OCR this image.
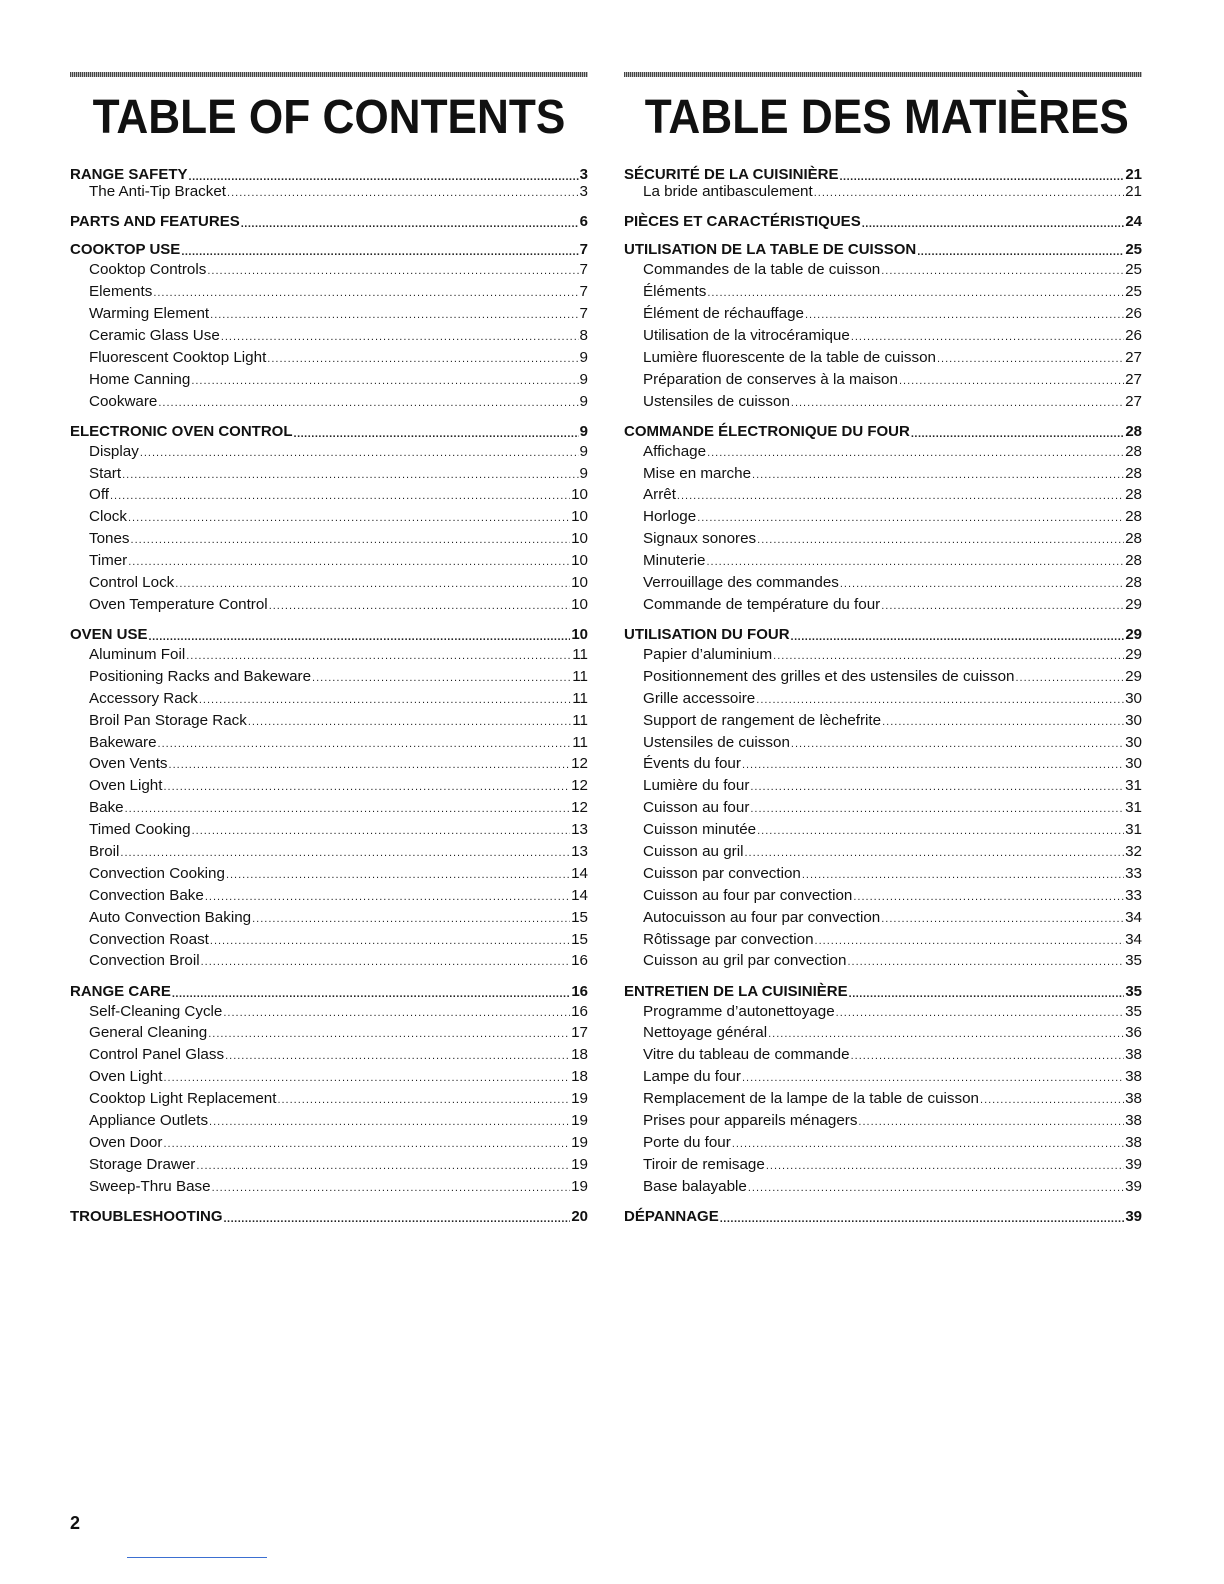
TABLE OF CONTENTS
RANGE SAFETY .....	3
The Anti-Tip Bracket .....	3
PARTS AND FEATURES .....	6
COOKTOP USE .....	7
Cooktop Controls .....	7
Elements .....	7
Warming Element .....	7
Ceramic Glass Use .....	8
Fluorescent Cooktop Light .....	9
Home Canning .....	9
Cookware .....	9
ELECTRONIC OVEN CONTROL .....	9
Display .....	9
Start .....	9
Off .....	10
Clock .....	10
Tones .....	10
Timer .....	10
Control Lock .....	10
Oven Temperature Control .....	10
OVEN USE .....	10
Aluminum Foil .....	11
Positioning Racks and Bakeware .....	11
Accessory Rack .....	11
Broil Pan Storage Rack .....	11
Bakeware .....	11
Oven Vents .....	12
Oven Light .....	12
Bake .....	12
Timed Cooking .....	13
Broil .....	13
Convection Cooking .....	14
Convection Bake .....	14
Auto Convection Baking .....	15
Convection Roast .....	15
Convection Broil .....	16
RANGE CARE .....	16
Self-Cleaning Cycle .....	16
General Cleaning .....	17
Control Panel Glass .....	18
Oven Light .....	18
Cooktop Light Replacement .....	19
Appliance Outlets .....	19
Oven Door .....	19
Storage Drawer .....	19
Sweep-Thru Base .....	19
TROUBLESHOOTING .....	20
TABLE DES MATIÈRES
SÉCURITÉ DE LA CUISINIÈRE .....	21
La bride antibasculement .....	21
PIÈCES ET CARACTÉRISTIQUES .....	24
UTILISATION DE LA TABLE DE CUISSON .....	25
Commandes de la table de cuisson .....	25
Éléments .....	25
Élément de réchauffage .....	26
Utilisation de la vitrocéramique .....	26
Lumière fluorescente de la table de cuisson .....	27
Préparation de conserves à la maison .....	27
Ustensiles de cuisson .....	27
COMMANDE ÉLECTRONIQUE DU FOUR .....	28
Affichage .....	28
Mise en marche .....	28
Arrêt .....	28
Horloge .....	28
Signaux sonores .....	28
Minuterie .....	28
Verrouillage des commandes .....	28
Commande de température du four .....	29
UTILISATION DU FOUR .....	29
Papier d’aluminium .....	29
Positionnement des grilles et des ustensiles de cuisson .....	29
Grille accessoire .....	30
Support de rangement de lèchefrite .....	30
Ustensiles de cuisson .....	30
Évents du four .....	30
Lumière du four .....	31
Cuisson au four .....	31
Cuisson minutée .....	31
Cuisson au gril .....	32
Cuisson par convection .....	33
Cuisson au four par convection .....	33
Autocuisson au four par convection .....	34
Rôtissage par convection .....	34
Cuisson au gril par convection .....	35
ENTRETIEN DE LA CUISINIÈRE .....	35
Programme d’autonettoyage .....	35
Nettoyage général .....	36
Vitre du tableau de commande .....	38
Lampe du four .....	38
Remplacement de la lampe de la table de cuisson .....	38
Prises pour appareils ménagers .....	38
Porte du four .....	38
Tiroir de remisage .....	39
Base balayable .....	39
DÉPANNAGE .....	39
2
